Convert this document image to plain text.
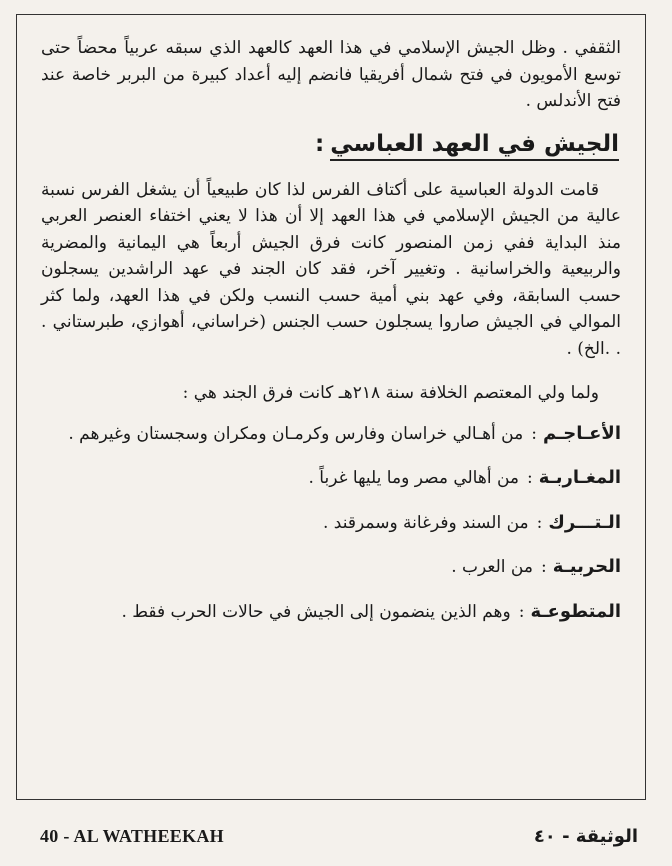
الثقفي . وظل الجيش الإسلامي في هذا العهد كالعهد الذي سبقه عربياً محضاً حتى توسع الأمويون في فتح شمال أفريقيا فانضم إليه أعداد كبيرة من البربر خاصة عند فتح الأندلس .

الجيش في العهد العباسي:

قامت الدولة العباسية على أكتاف الفرس لذا كان طبيعياً أن يشغل الفرس نسبة عالية من الجيش الإسلامي في هذا العهد إلا أن هذا لا يعني اختفاء العنصر العربي منذ البداية ففي زمن المنصور كانت فرق الجيش أربعاً هي اليمانية والمضرية والربيعية والخراسانية . وتغيير آخر، فقد كان الجند في عهد الراشدين يسجلون حسب السابقة، وفي عهد بني أمية حسب النسب ولكن في هذا العهد، ولما كثر الموالي في الجيش صاروا يسجلون حسب الجنس (خراساني، أهوازي، طبرستاني . . .الخ) .

ولما ولي المعتصم الخلافة سنة ٢١٨هـ كانت فرق الجند هي :

الأعـاجـم:من أهـالي خراسان وفارس وكرمـان ومكران وسجستان وغيرهم .
المغـاربـة:من أهالي مصر وما يليها غرباً .
الـتـــرك:من السند وفرغانة وسمرقند .
الحربيـة:من العرب .
المتطوعـة:وهم الذين ينضمون إلى الجيش في حالات الحرب فقط .
40 - AL WATHEEKAH	الوثيقة - ٤٠
